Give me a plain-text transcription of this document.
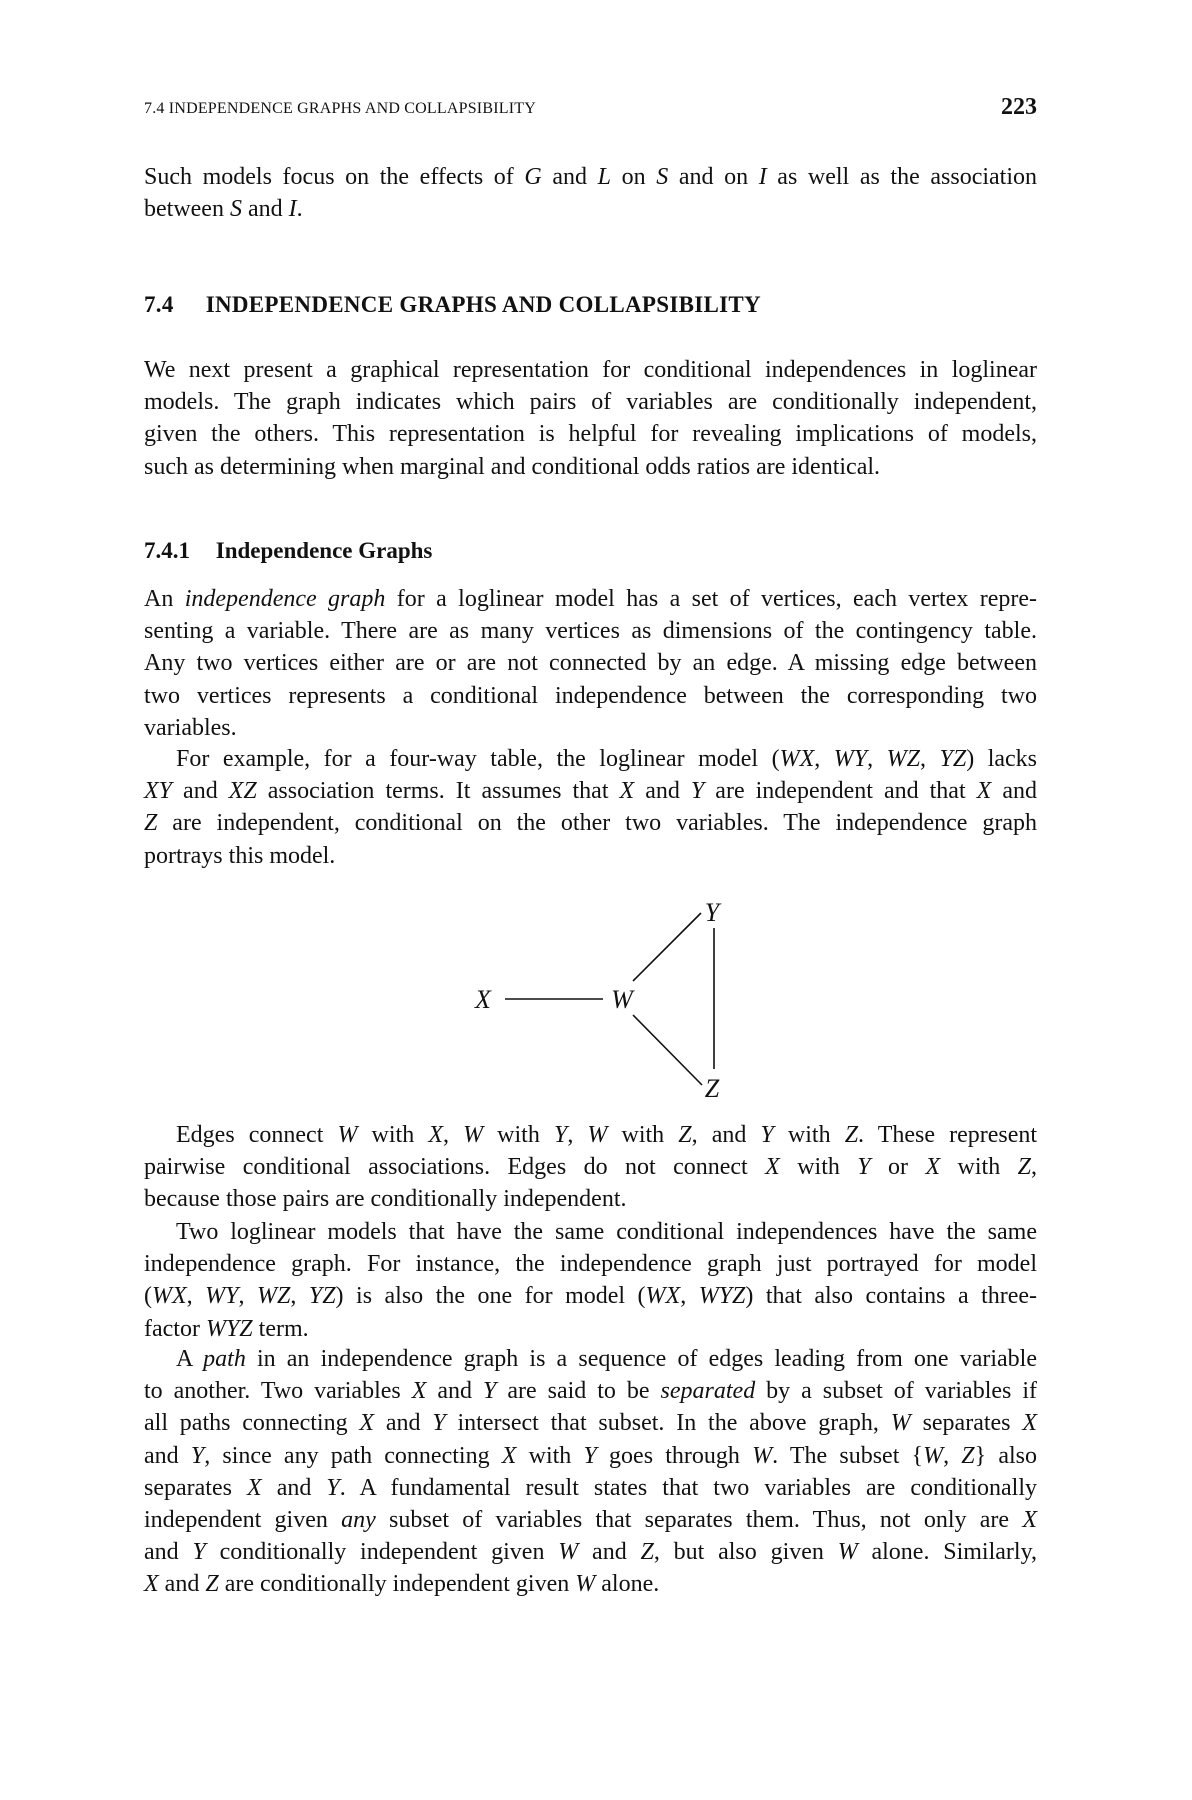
7.4 INDEPENDENCE GRAPHS AND COLLAPSIBILITY	223
7.4 INDEPENDENCE GRAPHS AND COLLAPSIBILITY
7.4.1 Independence Graphs
Such models focus on the effects of G and L on S and on I as well as the association
between S and I.
We next present a graphical representation for conditional independences in loglinear
models. The graph indicates which pairs of variables are conditionally independent,
given the others. This representation is helpful for revealing implications of models,
such as determining when marginal and conditional odds ratios are identical.
An independence graph for a loglinear model has a set of vertices, each vertex repre-
senting a variable. There are as many vertices as dimensions of the contingency table.
Any two vertices either are or are not connected by an edge. A missing edge between
two vertices represents a conditional independence between the corresponding two
variables.
For example, for a four-way table, the loglinear model (WX, WY, WZ, YZ) lacks
XY and XZ association terms. It assumes that X and Y are independent and that X and
Z are independent, conditional on the other two variables. The independence graph
portrays this model.
Edges connect W with X, W with Y, W with Z, and Y with Z. These represent
pairwise conditional associations. Edges do not connect X with Y or X with Z,
because those pairs are conditionally independent.
Two loglinear models that have the same conditional independences have the same
independence graph. For instance, the independence graph just portrayed for model
(WX, WY, WZ, YZ) is also the one for model (WX, WYZ) that also contains a three-
factor WYZ term.
A path in an independence graph is a sequence of edges leading from one variable
to another. Two variables X and Y are said to be separated by a subset of variables if
all paths connecting X and Y intersect that subset. In the above graph, W separates X
and Y, since any path connecting X with Y goes through W. The subset {W, Z} also
separates X and Y. A fundamental result states that two variables are conditionally
independent given any subset of variables that separates them. Thus, not only are X
and Y conditionally independent given W and Z, but also given W alone. Similarly,
X and Z are conditionally independent given W alone.
X	W
Y
Z
